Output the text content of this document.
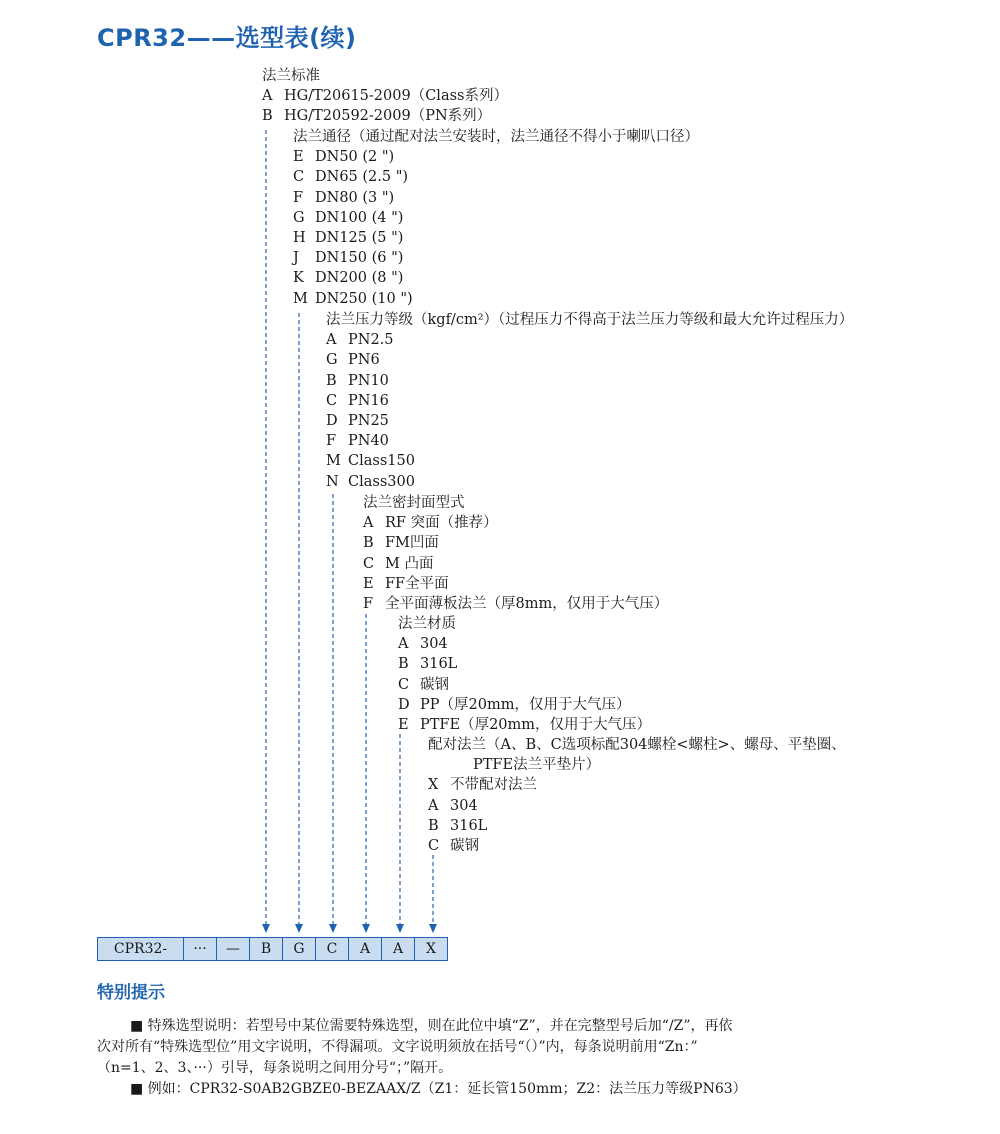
CPR32——选型表(续)
法兰标准
A HG/T20615-2009（Class系列）
B HG/T20592-2009（PN系列）
法兰通径（通过配对法兰安装时，法兰通径不得小于喇叭口径）
E DN50 (2 ")
C DN65 (2.5 ")
F DN80 (3 ")
G DN100 (4 ")
H DN125 (5 ")
J DN150 (6 ")
K DN200 (8 ")
M DN250 (10 ")
法兰压力等级（kgf/cm²）（过程压力不得高于法兰压力等级和最大允许过程压力）
A PN2.5
G PN6
B PN10
C PN16
D PN25
F PN40
M Class150
N Class300
法兰密封面型式
A RF 突面（推荐）
B FM凹面
C M 凸面
E FF全平面
F 全平面薄板法兰（厚8mm，仅用于大气压）
法兰材质
A 304
B 316L
C 碳钢
D PP（厚20mm，仅用于大气压）
E PTFE（厚20mm，仅用于大气压）
配对法兰（A、B、C选项标配304螺栓<螺柱>、螺母、平垫圈、
PTFE法兰平垫片）
X 不带配对法兰
A 304
B 316L
C 碳钢
CPR32-	···	—	B	G	C	A	A	X
特别提示
■ 特殊选型说明：若型号中某位需要特殊选型，则在此位中填“Z”，并在完整型号后加“/Z”，再依
次对所有“特殊选型位”用文字说明，不得漏项。文字说明须放在括号“（）”内，每条说明前用“Zn：”
（n=1、2、3、···）引导，每条说明之间用分号“；”隔开。
■ 例如：CPR32-S0AB2GBZE0-BEZAAX/Z（Z1：延长管150mm；Z2：法兰压力等级PN63）
